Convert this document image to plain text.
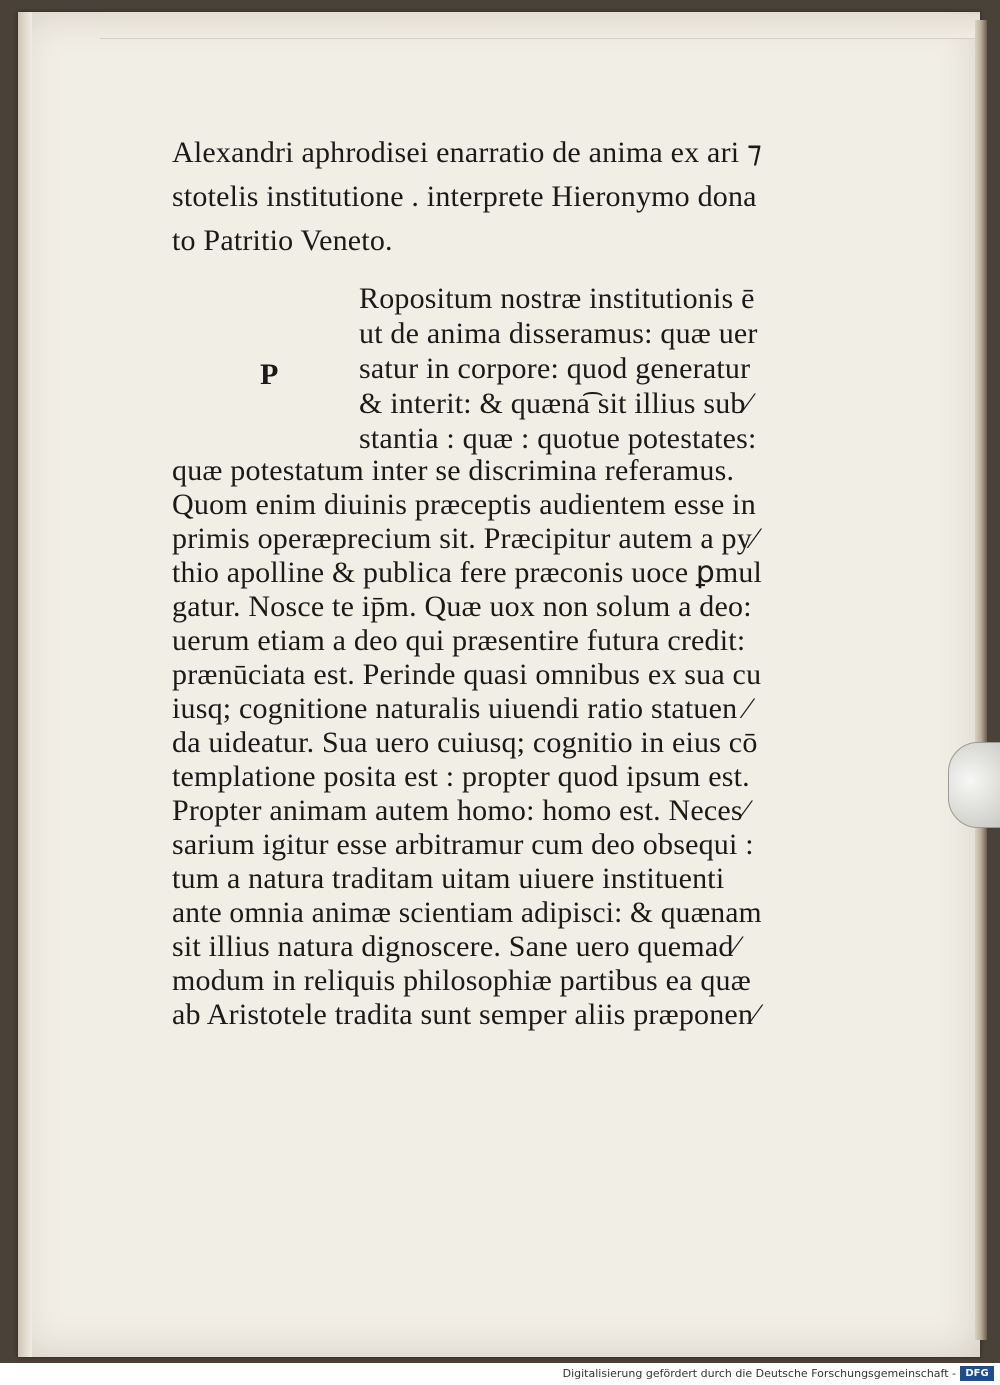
Alexandri aphrodisei enarratio de anima ex ari ⁊
stotelis institutione . interprete Hieronymo dona
to Patritio Veneto.
P
Ropositum nostræ institutionis ē
ut de anima disseramus: quæ uer
satur in corpore: quod generatur
& interit: & quæna͡ sit illius sub⁄
stantia : quæ : quotue potestates:
quæ potestatum inter se discrimina referamus.
Quom enim diuinis præceptis audientem esse in
primis operæprecium sit. Præcipitur autem a py⁄
thio apolline & publica fere præconis uoce ꝑmul
gatur. Nosce te ip̄m. Quæ uox non solum a deo:
uerum etiam a deo qui præsentire futura credit:
prænūciata est. Perinde quasi omnibus ex sua cu
iusq; cognitione naturalis uiuendi ratio statuen ⁄
da uideatur. Sua uero cuiusq; cognitio in eius cō
templatione posita est : propter quod ipsum est.
Propter animam autem homo: homo est. Neces⁄
sarium igitur esse arbitramur cum deo obsequi :
tum a natura traditam uitam uiuere instituenti
ante omnia animæ scientiam adipisci: & quænam
sit illius natura dignoscere. Sane uero quemad⁄
modum in reliquis philosophiæ partibus ea quæ
ab Aristotele tradita sunt semper aliis præponen⁄
Digitalisierung gefördert durch die Deutsche Forschungsgemeinschaft - DFG
